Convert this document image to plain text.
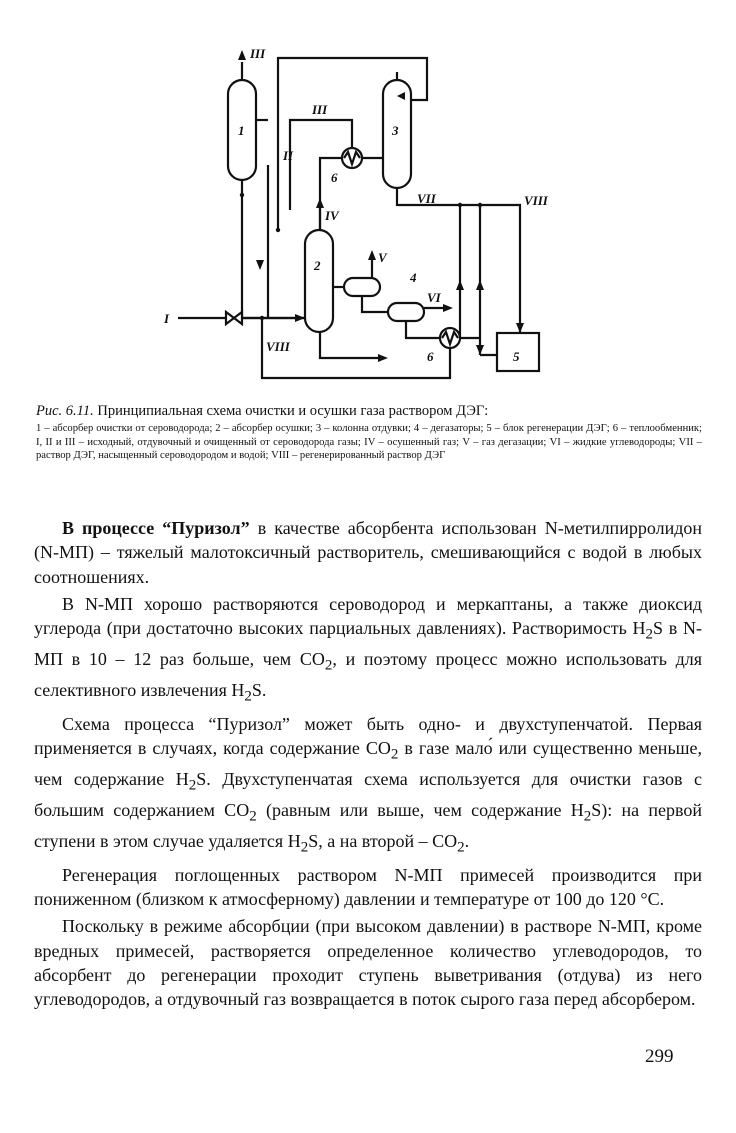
1
2
3
4
5
6
6
I
II
III
III
IV
V
VI
VII
VIII
VIII

Рис. 6.11. Принципиальная схема очистки и осушки газа раствором ДЭГ:

1 – абсорбер очистки от сероводорода; 2 – абсорбер осушки; 3 – колонна отдувки; 4 – дегазаторы; 5 – блок регенерации ДЭГ; 6 – теплообменник; I, II и III – исходный, отдувочный и очищенный от сероводорода газы; IV – осушенный газ; V – газ дегазации; VI – жидкие углеводороды; VII – раствор ДЭГ, насыщенный сероводородом и водой; VIII – регенерированный раствор ДЭГ

В процессе “Пуризол” в качестве абсорбента использован N-метилпирролидон (N-МП) – тяжелый малотоксичный растворитель, смешивающийся с водой в любых соотношениях.

В N-МП хорошо растворяются сероводород и меркаптаны, а также диоксид углерода (при достаточно высоких парциальных давлениях). Растворимость $H_2S$ в N-МП в 10 – 12 раз больше, чем $CO_2$, и поэтому процесс можно использовать для селективного извлечения $H_2S$.

Схема процесса “Пуризол” может быть одно- и двухступенчатой. Первая применяется в случаях, когда содержание $CO_2$ в газе мало́ или существенно меньше, чем содержание $H_2S$. Двухступенчатая схема используется для очистки газов с большим содержанием $CO_2$ (равным или выше, чем содержание $H_2S$): на первой ступени в этом случае удаляется $H_2S$, а на второй – $CO_2$.

Регенерация поглощенных раствором N-МП примесей производится при пониженном (близком к атмосферному) давлении и температуре от 100 до 120 °С.

Поскольку в режиме абсорбции (при высоком давлении) в растворе N-МП, кроме вредных примесей, растворяется определенное количество углеводородов, то абсорбент до регенерации проходит ступень выветривания (отдува) из него углеводородов, а отдувочный газ возвращается в поток сырого газа перед абсорбером.

299
